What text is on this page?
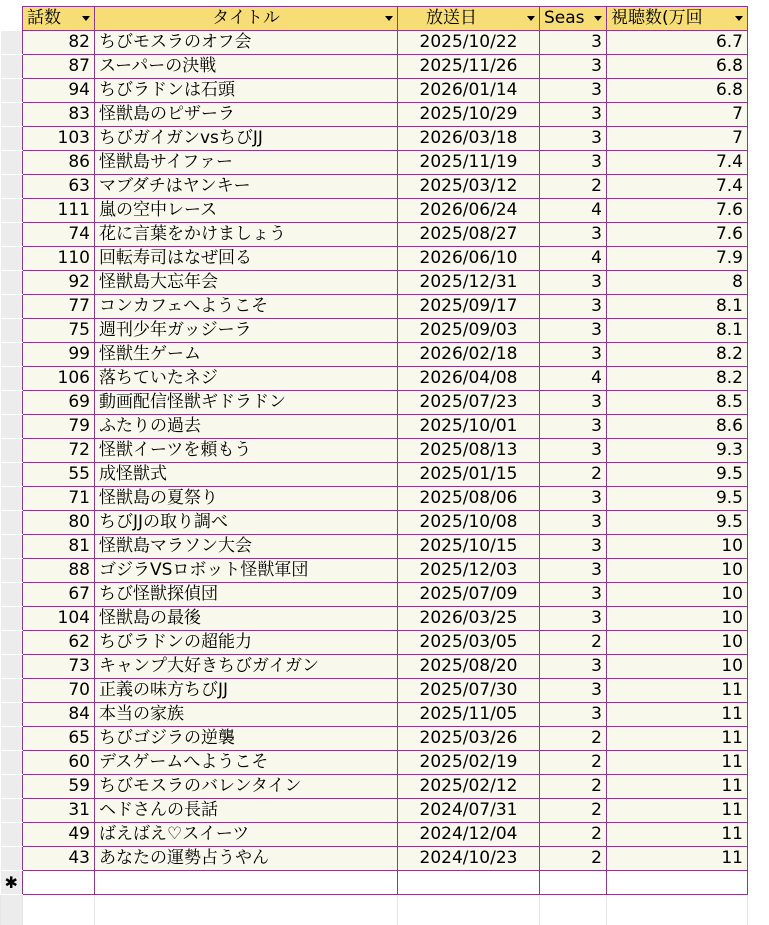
	話数	タイトル	放送日	Seas	視聴数(万回

	82	ちびモスラのオフ会	2025/10/22	3	6.7
	87	スーパーの決戦	2025/11/26	3	6.8
	94	ちびラドンは石頭	2026/01/14	3	6.8
	83	怪獣島のピザーラ	2025/10/29	3	7
	103	ちびガイガンvsちびJJ	2026/03/18	3	7
	86	怪獣島サイファー	2025/11/19	3	7.4
	63	マブダチはヤンキー	2025/03/12	2	7.4
	111	嵐の空中レース	2026/06/24	4	7.6
	74	花に言葉をかけましょう	2025/08/27	3	7.6
	110	回転寿司はなぜ回る	2026/06/10	4	7.9
	92	怪獣島大忘年会	2025/12/31	3	8
	77	コンカフェへようこそ	2025/09/17	3	8.1
	75	週刊少年ガッジーラ	2025/09/03	3	8.1
	99	怪獣生ゲーム	2026/02/18	3	8.2
	106	落ちていたネジ	2026/04/08	4	8.2
	69	動画配信怪獣ギドラドン	2025/07/23	3	8.5
	79	ふたりの過去	2025/10/01	3	8.6
	72	怪獣イーツを頼もう	2025/08/13	3	9.3
	55	成怪獣式	2025/01/15	2	9.5
	71	怪獣島の夏祭り	2025/08/06	3	9.5
	80	ちびJJの取り調べ	2025/10/08	3	9.5
	81	怪獣島マラソン大会	2025/10/15	3	10
	88	ゴジラVSロボット怪獣軍団	2025/12/03	3	10
	67	ちび怪獣探偵団	2025/07/09	3	10
	104	怪獣島の最後	2026/03/25	3	10
	62	ちびラドンの超能力	2025/03/05	2	10
	73	キャンプ大好きちびガイガン	2025/08/20	3	10
	70	正義の味方ちびJJ	2025/07/30	3	11
	84	本当の家族	2025/11/05	3	11
	65	ちびゴジラの逆襲	2025/03/26	2	11
	60	デスゲームへようこそ	2025/02/19	2	11
	59	ちびモスラのバレンタイン	2025/02/12	2	11
	31	ヘドさんの長話	2024/07/31	2	11
	49	ばえばえ♡スイーツ	2024/12/04	2	11
	43	あなたの運勢占うやん	2024/10/23	2	11
✱					
